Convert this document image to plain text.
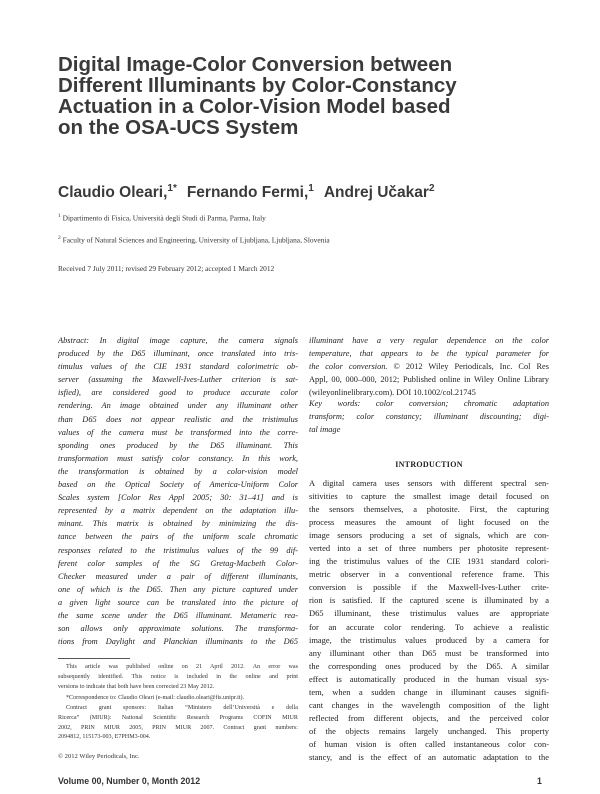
Digital Image-Color Conversion between
Different Illuminants by Color-Constancy
Actuation in a Color-Vision Model based
on the OSA-UCS System
Claudio Oleari,$^{1*}$ Fernando Fermi,$^1$ Andrej Učakar$^2$
$^1$ Dipartimento di Fisica, Università degli Studi di Parma, Parma, Italy
$^2$ Faculty of Natural Sciences and Engineering, University of Ljubljana, Ljubljana, Slovenia
Received 7 July 2011; revised 29 February 2012; accepted 1 March 2012
Abstract: In digital image capture, the camera signals
produced by the D65 illuminant, once translated into tris-
timulus values of the CIE 1931 standard colorimetric ob-
server (assuming the Maxwell-Ives-Luther criterion is sat-
isfied), are considered good to produce accurate color
rendering. An image obtained under any illuminant other
than D65 does not appear realistic and the tristimulus
values of the camera must be transformed into the corre-
sponding ones produced by the D65 illuminant. This
transformation must satisfy color constancy. In this work,
the transformation is obtained by a color-vision model
based on the Optical Society of America-Uniform Color
Scales system [Color Res Appl 2005; 30: 31–41] and is
represented by a matrix dependent on the adaptation illu-
minant. This matrix is obtained by minimizing the dis-
tance between the pairs of the uniform scale chromatic
responses related to the tristimulus values of the 99 dif-
ferent color samples of the SG Gretag-Macbeth Color-
Checker measured under a pair of different illuminants,
one of which is the D65. Then any picture captured under
a given light source can be translated into the picture of
the same scene under the D65 illuminant. Metameric rea-
son allows only approximate solutions. The transforma-
tions from Daylight and Planckian illuminants to the D65
illuminant have a very regular dependence on the color
temperature, that appears to be the typical parameter for
the color conversion. © 2012 Wiley Periodicals, Inc. Col Res
Appl, 00, 000–000, 2012; Published online in Wiley Online Library
(wileyonlinelibrary.com). DOI 10.1002/col.21745
Key words: color conversion; chromatic adaptation
transform; color constancy; illuminant discounting; digi-
tal image
INTRODUCTION
A digital camera uses sensors with different spectral sen-
sitivities to capture the smallest image detail focused on
the sensors themselves, a photosite. First, the capturing
process measures the amount of light focused on the
image sensors producing a set of signals, which are con-
verted into a set of three numbers per photosite represent-
ing the tristimulus values of the CIE 1931 standard colori-
metric observer in a conventional reference frame. This
conversion is possible if the Maxwell-Ives-Luther crite-
rion is satisfied. If the captured scene is illuminated by a
D65 illuminant, these tristimulus values are appropriate
for an accurate color rendering. To achieve a realistic
image, the tristimulus values produced by a camera for
any illuminant other than D65 must be transformed into
the corresponding ones produced by the D65. A similar
effect is automatically produced in the human visual sys-
tem, when a sudden change in illuminant causes signifi-
cant changes in the wavelength composition of the light
reflected from different objects, and the perceived color
of the objects remains largely unchanged. This property
of human vision is often called instantaneous color con-
stancy, and is the effect of an automatic adaptation to the
This article was published online on 21 April 2012. An error was
subsequently identified. This notice is included in the online and print
versions to indicate that both have been corrected 23 May 2012.
*Correspondence to: Claudio Oleari (e-mail: claudio.oleari@fis.unipr.it).
Contract grant sponsors: Italian “Ministero dell’Università e della
Ricerca” (MIUR): National Scientific Research Programs COFIN MIUR
2002, PRIN MIUR 2005, PRIN MIUR 2007. Contract grant numbers:
2094812, 115173-003, E7PHM3-004.
© 2012 Wiley Periodicals, Inc.
Volume 00, Number 0, Month 2012	1
